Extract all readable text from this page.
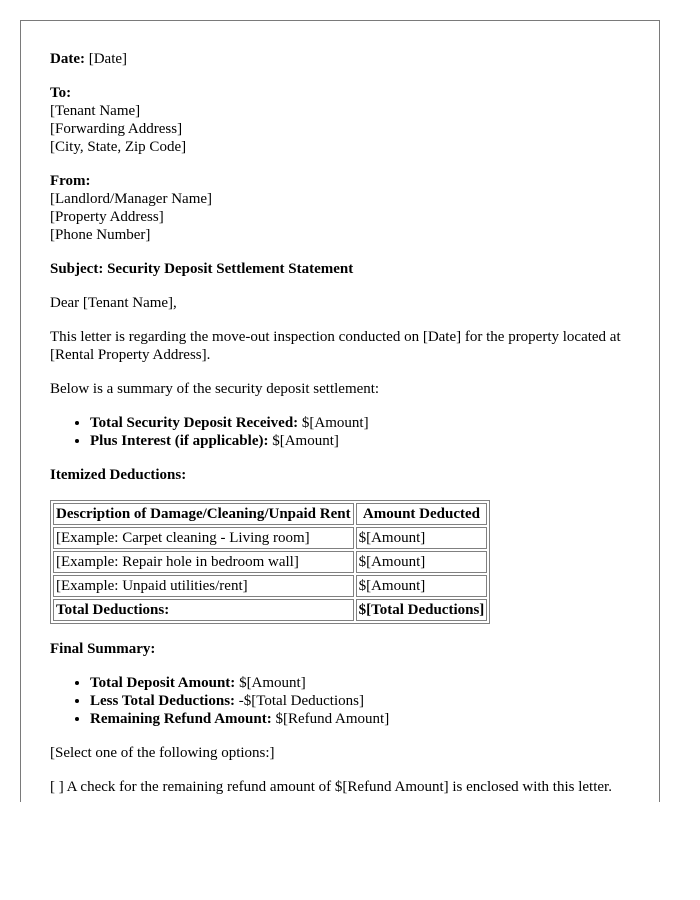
Date: [Date]

To:

[Tenant Name]

[Forwarding Address]

[City, State, Zip Code]

From:

[Landlord/Manager Name]

[Property Address]

[Phone Number]

Subject: Security Deposit Settlement Statement

Dear [Tenant Name],

This letter is regarding the move-out inspection conducted on [Date] for the property located at [Rental Property Address].

Below is a summary of the security deposit settlement:

• Total Security Deposit Received: $[Amount]
• Plus Interest (if applicable): $[Amount]

Itemized Deductions:

Description of Damage/Cleaning/Unpaid Rent	Amount Deducted
[Example: Carpet cleaning - Living room]	$[Amount]
[Example: Repair hole in bedroom wall]	$[Amount]
[Example: Unpaid utilities/rent]	$[Amount]
Total Deductions:	$[Total Deductions]

Final Summary:

• Total Deposit Amount: $[Amount]
• Less Total Deductions: -$[Total Deductions]
• Remaining Refund Amount: $[Refund Amount]

[Select one of the following options:]

[ ] A check for the remaining refund amount of $[Refund Amount] is enclosed with this letter.
